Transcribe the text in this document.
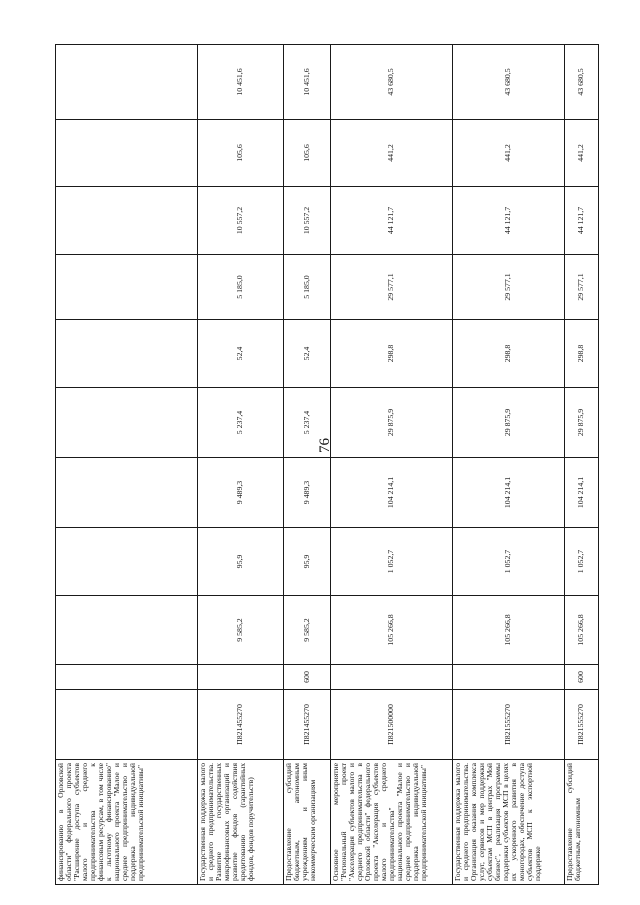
76
финансированию в Орловской области" федерального проекта "Расширение доступа субъектов малого и среднего предпринимательства к финансовым ресурсам, в том числе к льготному финансированию" национального проекта "Малое и среднее предпринимательство и поддержка индивидуальной предпринимательской инициативы"											
Государственная поддержка малого и среднего предпринимательства. Развитие государственных микрофинансовых организаций и развитие фондов содействия кредитованию (гарантийных фондов, фондов поручительств)	П821455270		9 585,2	95,9	9 489,3	5 237,4	52,4	5 185,0	10 557,2	105,6	10 451,6
Предоставление субсидий бюджетным, автономным учреждениям и иным некоммерческим организациям	П821455270	600	9 585,2	95,9	9 489,3	5 237,4	52,4	5 185,0	10 557,2	105,6	10 451,6
Основное мероприятие "Региональный проект "Акселерация субъектов малого и среднего предпринимательства в Орловской области" федерального проекта "Акселерация субъектов малого и среднего предпринимательства" национального проекта "Малое и среднее предпринимательство и поддержка индивидуальной предпринимательской инициативы"	П821500000		105 266,8	1 052,7	104 214,1	29 875,9	298,8	29 577,1	44 121,7	441,2	43 680,5
Государственная поддержка малого и среднего предпринимательства. Организация оказания комплекса услуг, сервисов и мер поддержки субъектам МСП в центрах "Мой бизнес", реализация программы поддержки субъектов МСП в целях их ускоренного развития в моногородах, обеспечение доступа субъектов МСП к экспортной поддержке	П821555270		105 266,8	1 052,7	104 214,1	29 875,9	298,8	29 577,1	44 121,7	441,2	43 680,5
Предоставление субсидий бюджетным, автономным	П821555270	600	105 266,8	1 052,7	104 214,1	29 875,9	298,8	29 577,1	44 121,7	441,2	43 680,5
